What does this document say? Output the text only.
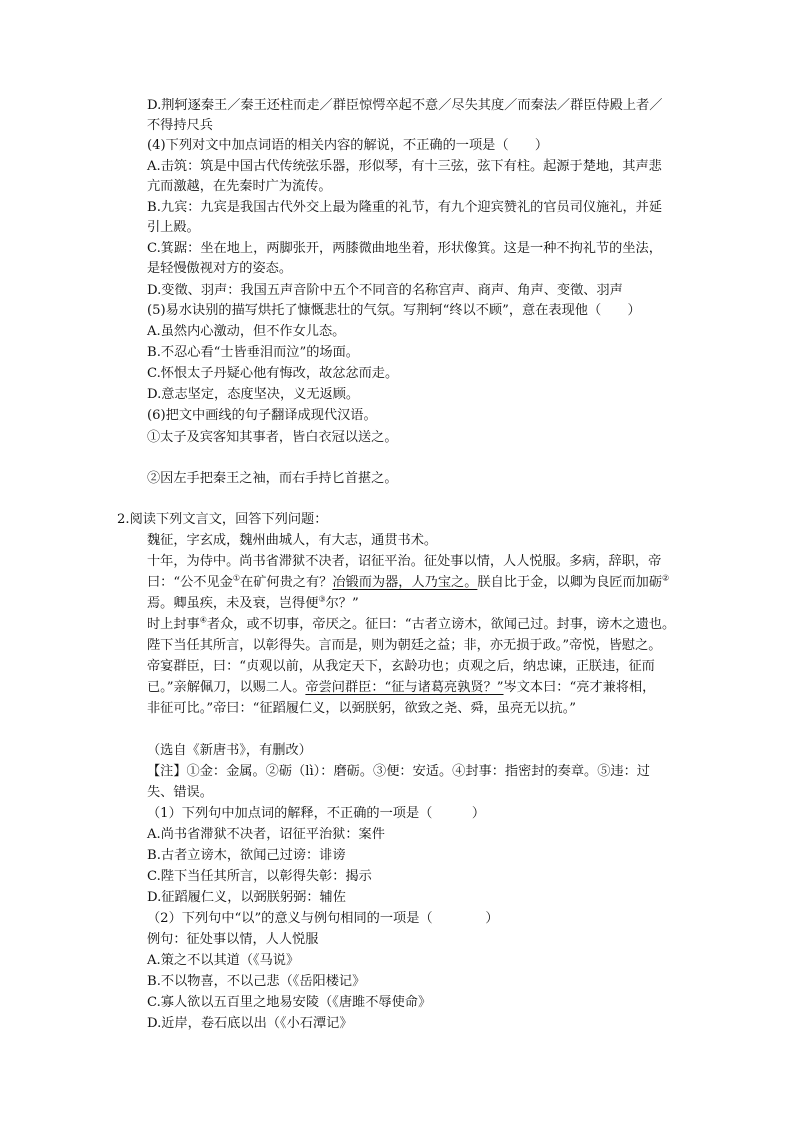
D.荆轲逐秦王／秦王还柱而走／群臣惊愕卒起不意／尽失其度／而秦法／群臣侍殿上者／
不得持尺兵
(4)下列对文中加点词语的相关内容的解说，不正确的一项是（　　）
A.击筑：筑是中国古代传统弦乐器，形似琴，有十三弦，弦下有柱。起源于楚地，其声悲
亢而激越，在先秦时广为流传。
B.九宾：九宾是我国古代外交上最为隆重的礼节，有九个迎宾赞礼的官员司仪施礼，并延
引上殿。
C.箕踞：坐在地上，两脚张开，两膝微曲地坐着，形状像箕。这是一种不拘礼节的坐法，
是轻慢傲视对方的姿态。
D.变徵、羽声：我国五声音阶中五个不同音的名称宫声、商声、角声、变徵、羽声
(5)易水诀别的描写烘托了慷慨悲壮的气氛。写荆轲“终以不顾”，意在表现他（　　）
A.虽然内心激动，但不作女儿态。
B.不忍心看“士皆垂泪而泣”的场面。
C.怀恨太子丹疑心他有悔改，故忿忿而走。
D.意志坚定，态度坚决，义无返顾。
(6)把文中画线的句子翻译成现代汉语。
①太子及宾客知其事者，皆白衣冠以送之。
②因左手把秦王之袖，而右手持匕首揕之。
2.阅读下列文言文，回答下列问题：
魏征，字玄成，魏州曲城人，有大志，通贯书术。
十年，为侍中。尚书省滞狱不决者，诏征平治。征处事以情，人人悦服。多病，辞职，帝
曰：“公不见金①在矿何贵之有？冶锻而为器，人乃宝之。朕自比于金，以卿为良匠而加砺②
焉。卿虽疾，未及衰，岂得便③尔？”
时上封事④者众，或不切事，帝厌之。征曰：“古者立谤木，欲闻己过。封事，谤木之遗也。
陛下当任其所言，以彰得失。言而是，则为朝廷之益；非，亦无损于政。”帝悦，皆慰之。
帝宴群臣，曰：“贞观以前，从我定天下，玄龄功也；贞观之后，纳忠谏，正朕违，征而
已。”亲解佩刀，以赐二人。帝尝问群臣：“征与诸葛亮孰贤？”岑文本曰：“亮才兼将相，
非征可比。”帝曰：“征蹈履仁义，以弼朕躬，欲致之尧、舜，虽亮无以抗。”
（选自《新唐书》，有删改）
【注】①金：金属。②砺（lì）：磨砺。③便：安适。④封事：指密封的奏章。⑤违：过
失、错误。
（1）下列句中加点词的解释，不正确的一项是（　　　）
A.尚书省滞狱不决者，诏征平治狱：案件
B.古者立谤木，欲闻己过谤：诽谤
C.陛下当任其所言，以彰得失彰：揭示
D.征蹈履仁义，以弼朕躬弼：辅佐
（2）下列句中“以”的意义与例句相同的一项是（　　　　）
例句：征处事以情，人人悦服
A.策之不以其道（《马说》
B.不以物喜，不以己悲（《岳阳楼记》
C.寡人欲以五百里之地易安陵（《唐雎不辱使命》
D.近岸，卷石底以出（《小石潭记》
